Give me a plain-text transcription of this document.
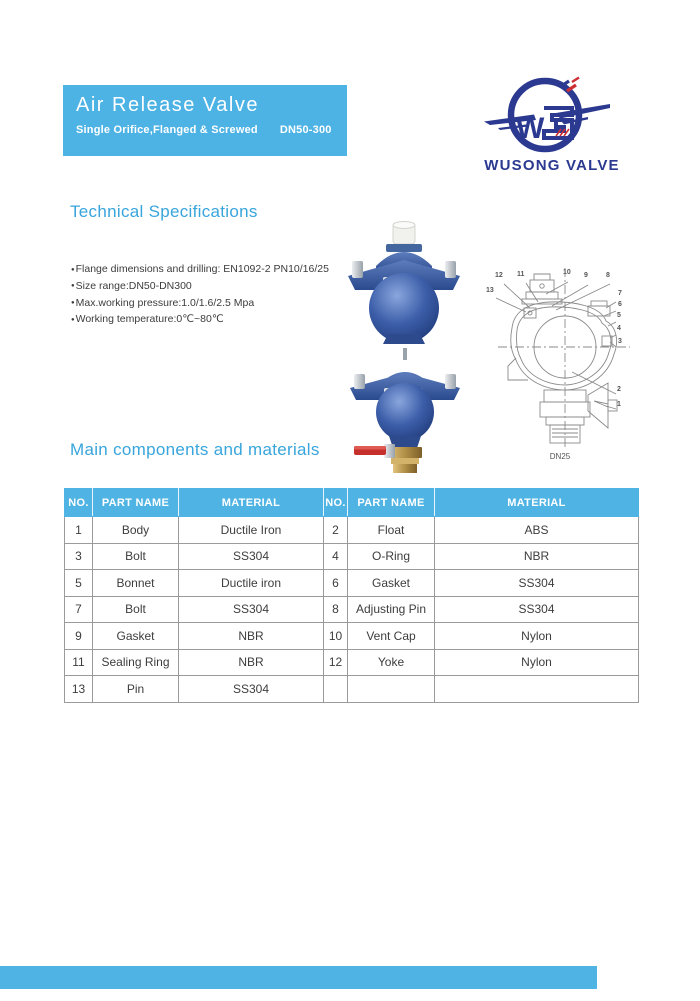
Air Release Valve
Single Orifice,Flanged & Screwed DN50-300	W
WUSONG VALVE
Technical Specifications
●Flange dimensions and drilling: EN1092-2 PN10/16/25
●Size range:DN50-DN300
●Max.working pressure:1.0/1.6/2.5 Mpa
●Working temperature:0℃~80℃
12 11	10 9	8
13	7
6
5
4
3
2
1
DN25
Main components and materials
NO.	PART NAME	MATERIAL	NO.	PART NAME	MATERIAL
1	Body	Ductile Iron	2	Float	ABS
3	Bolt	SS304	4	O-Ring	NBR
5	Bonnet	Ductile iron	6	Gasket	SS304
7	Bolt	SS304	8	Adjusting Pin	SS304
9	Gasket	NBR	10	Vent Cap	Nylon
11	Sealing Ring	NBR	12	Yoke	Nylon
13	Pin	SS304			
